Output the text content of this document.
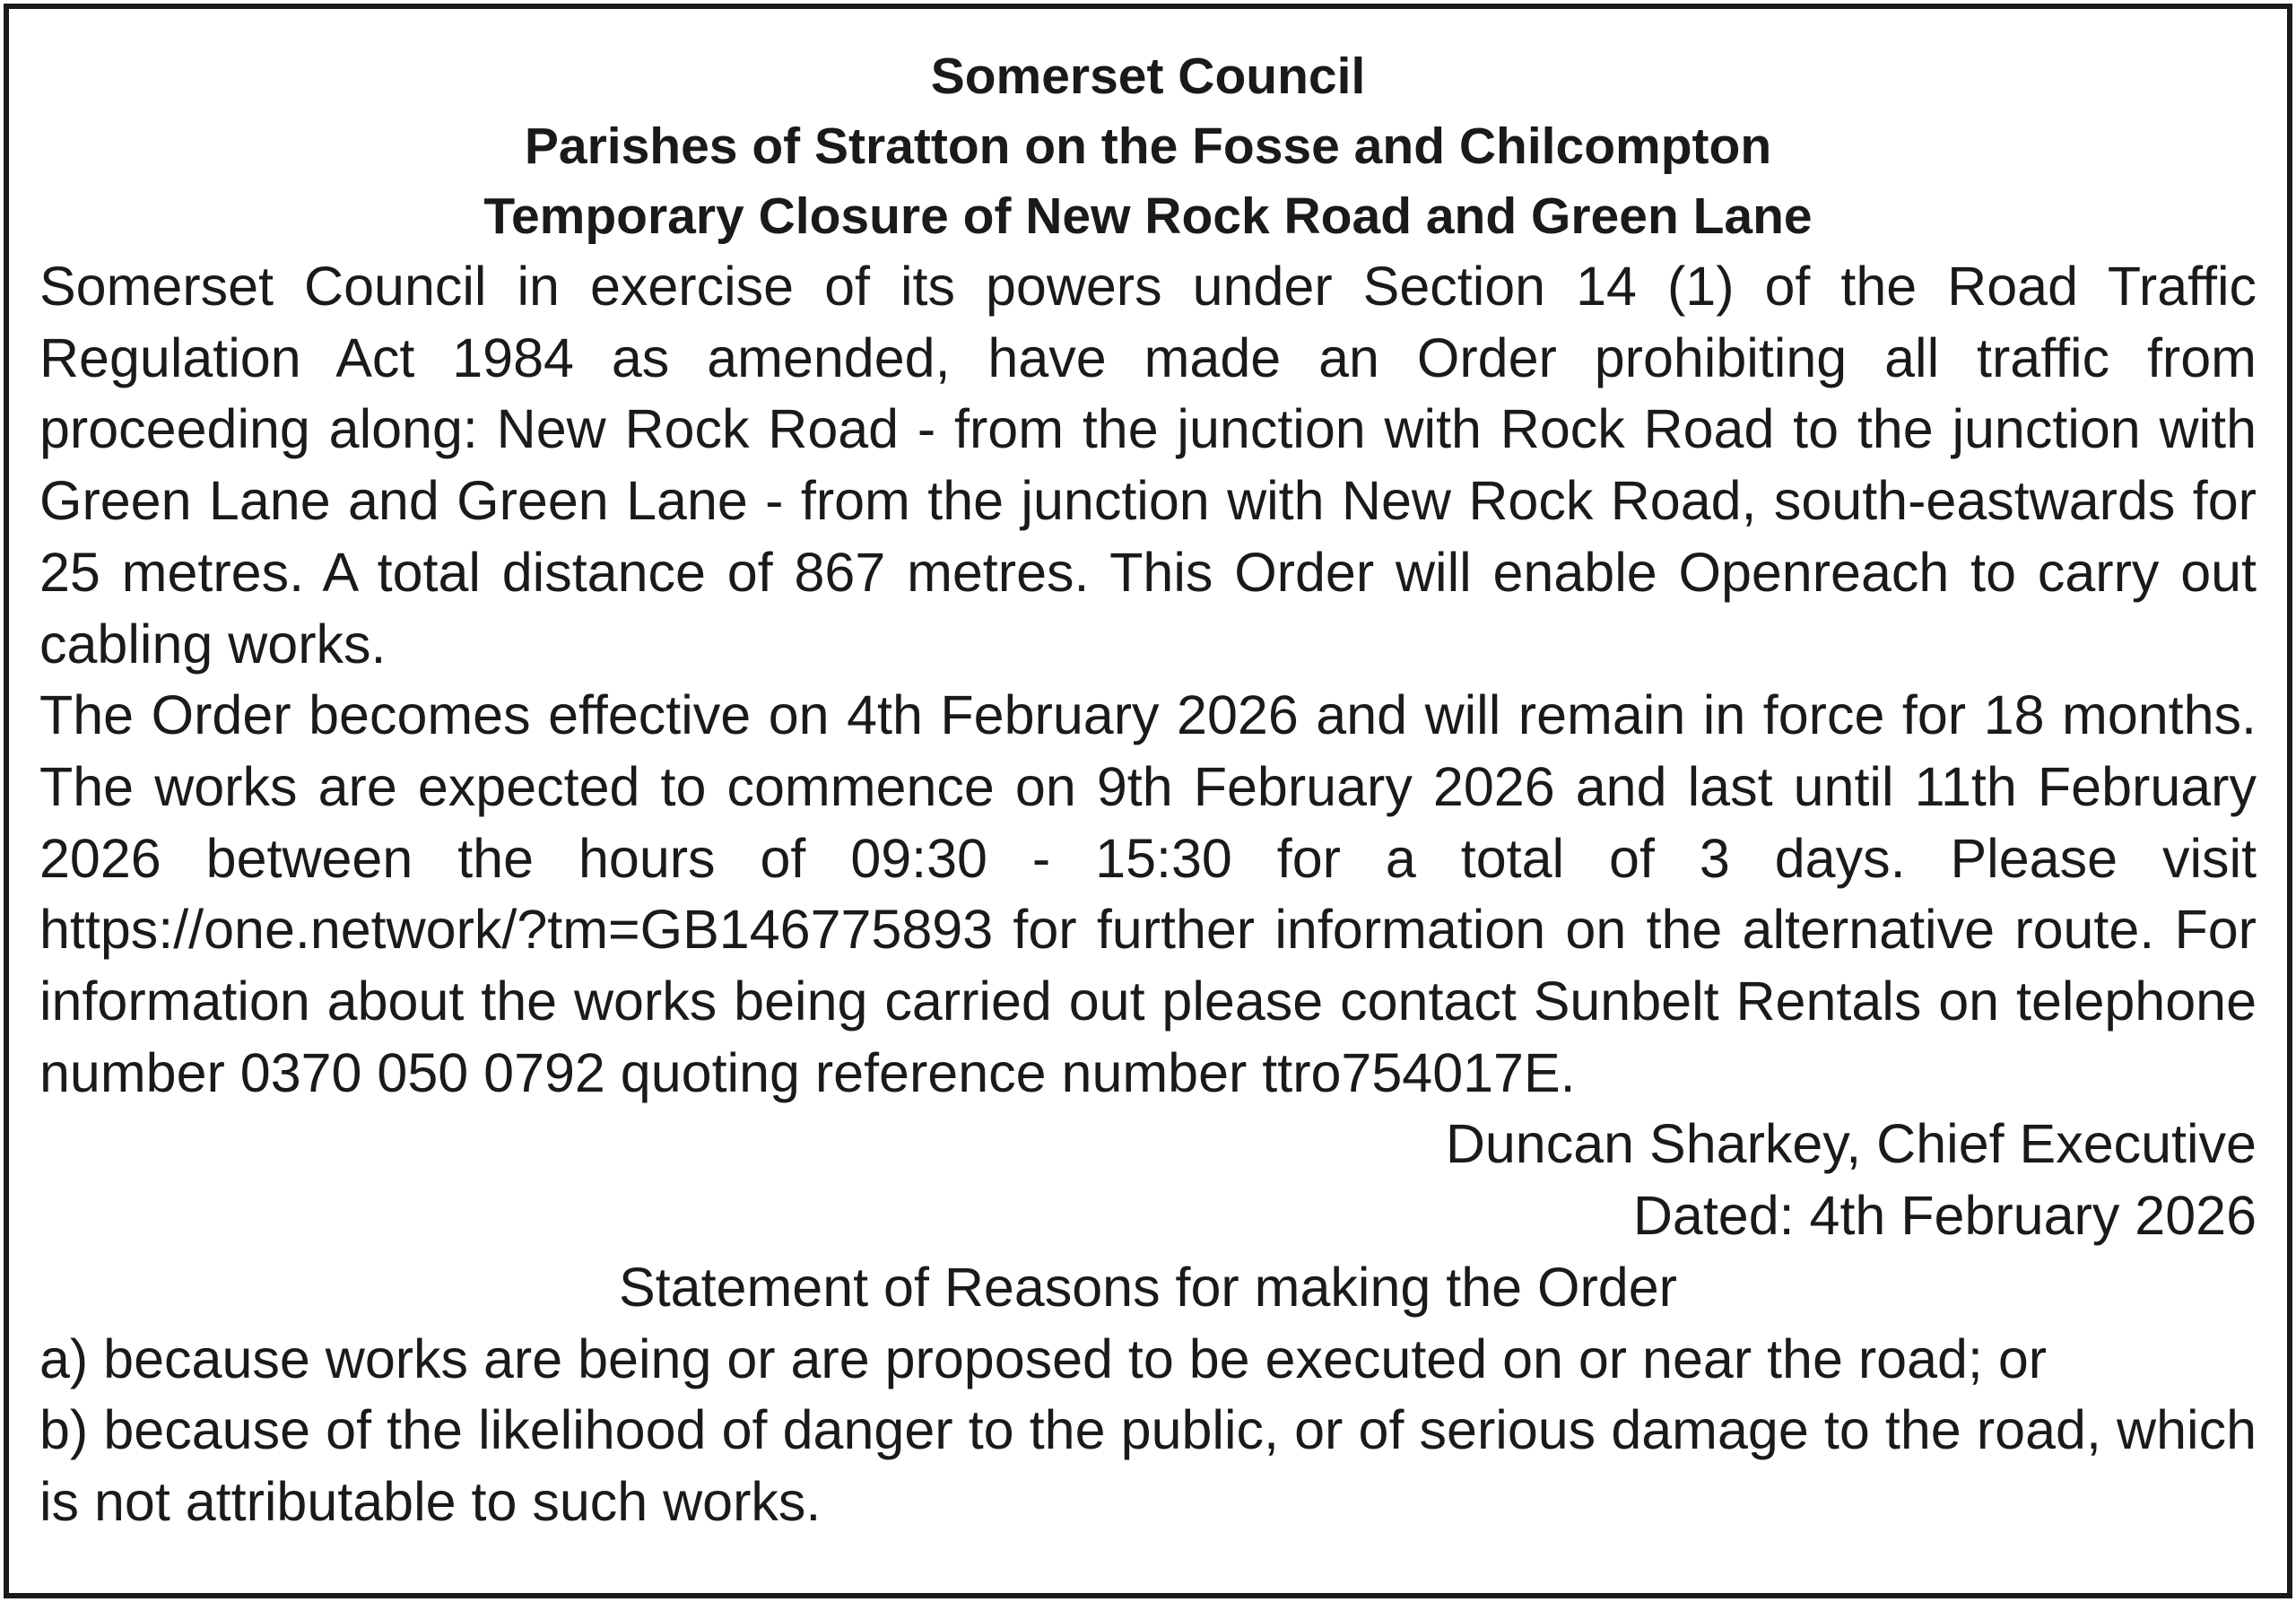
Somerset Council

Parishes of Stratton on the Fosse and Chilcompton

Temporary Closure of New Rock Road and Green Lane

Somerset Council in exercise of its powers under Section 14 (1) of the Road Traffic Regulation Act 1984 as amended, have made an Order prohibiting all traffic from proceeding along: New Rock Road - from the junction with Rock Road to the junction with Green Lane and Green Lane - from the junction with New Rock Road, south-eastwards for 25 metres. A total distance of 867 metres. This Order will enable Openreach to carry out cabling works.

The Order becomes effective on 4th February 2026 and will remain in force for 18 months. The works are expected to commence on 9th February 2026 and last until 11th February 2026 between the hours of 09:30 - 15:30 for a total of 3 days. Please visit https://one.network/?tm=GB146775893 for further information on the alternative route. For information about the works being carried out please contact Sunbelt Rentals on telephone number 0370 050 0792 quoting reference number ttro754017E.

Duncan Sharkey, Chief Executive

Dated: 4th February 2026

Statement of Reasons for making the Order

a) because works are being or are proposed to be executed on or near the road; or
b) because of the likelihood of danger to the public, or of serious damage to the road, which is not attributable to such works.
